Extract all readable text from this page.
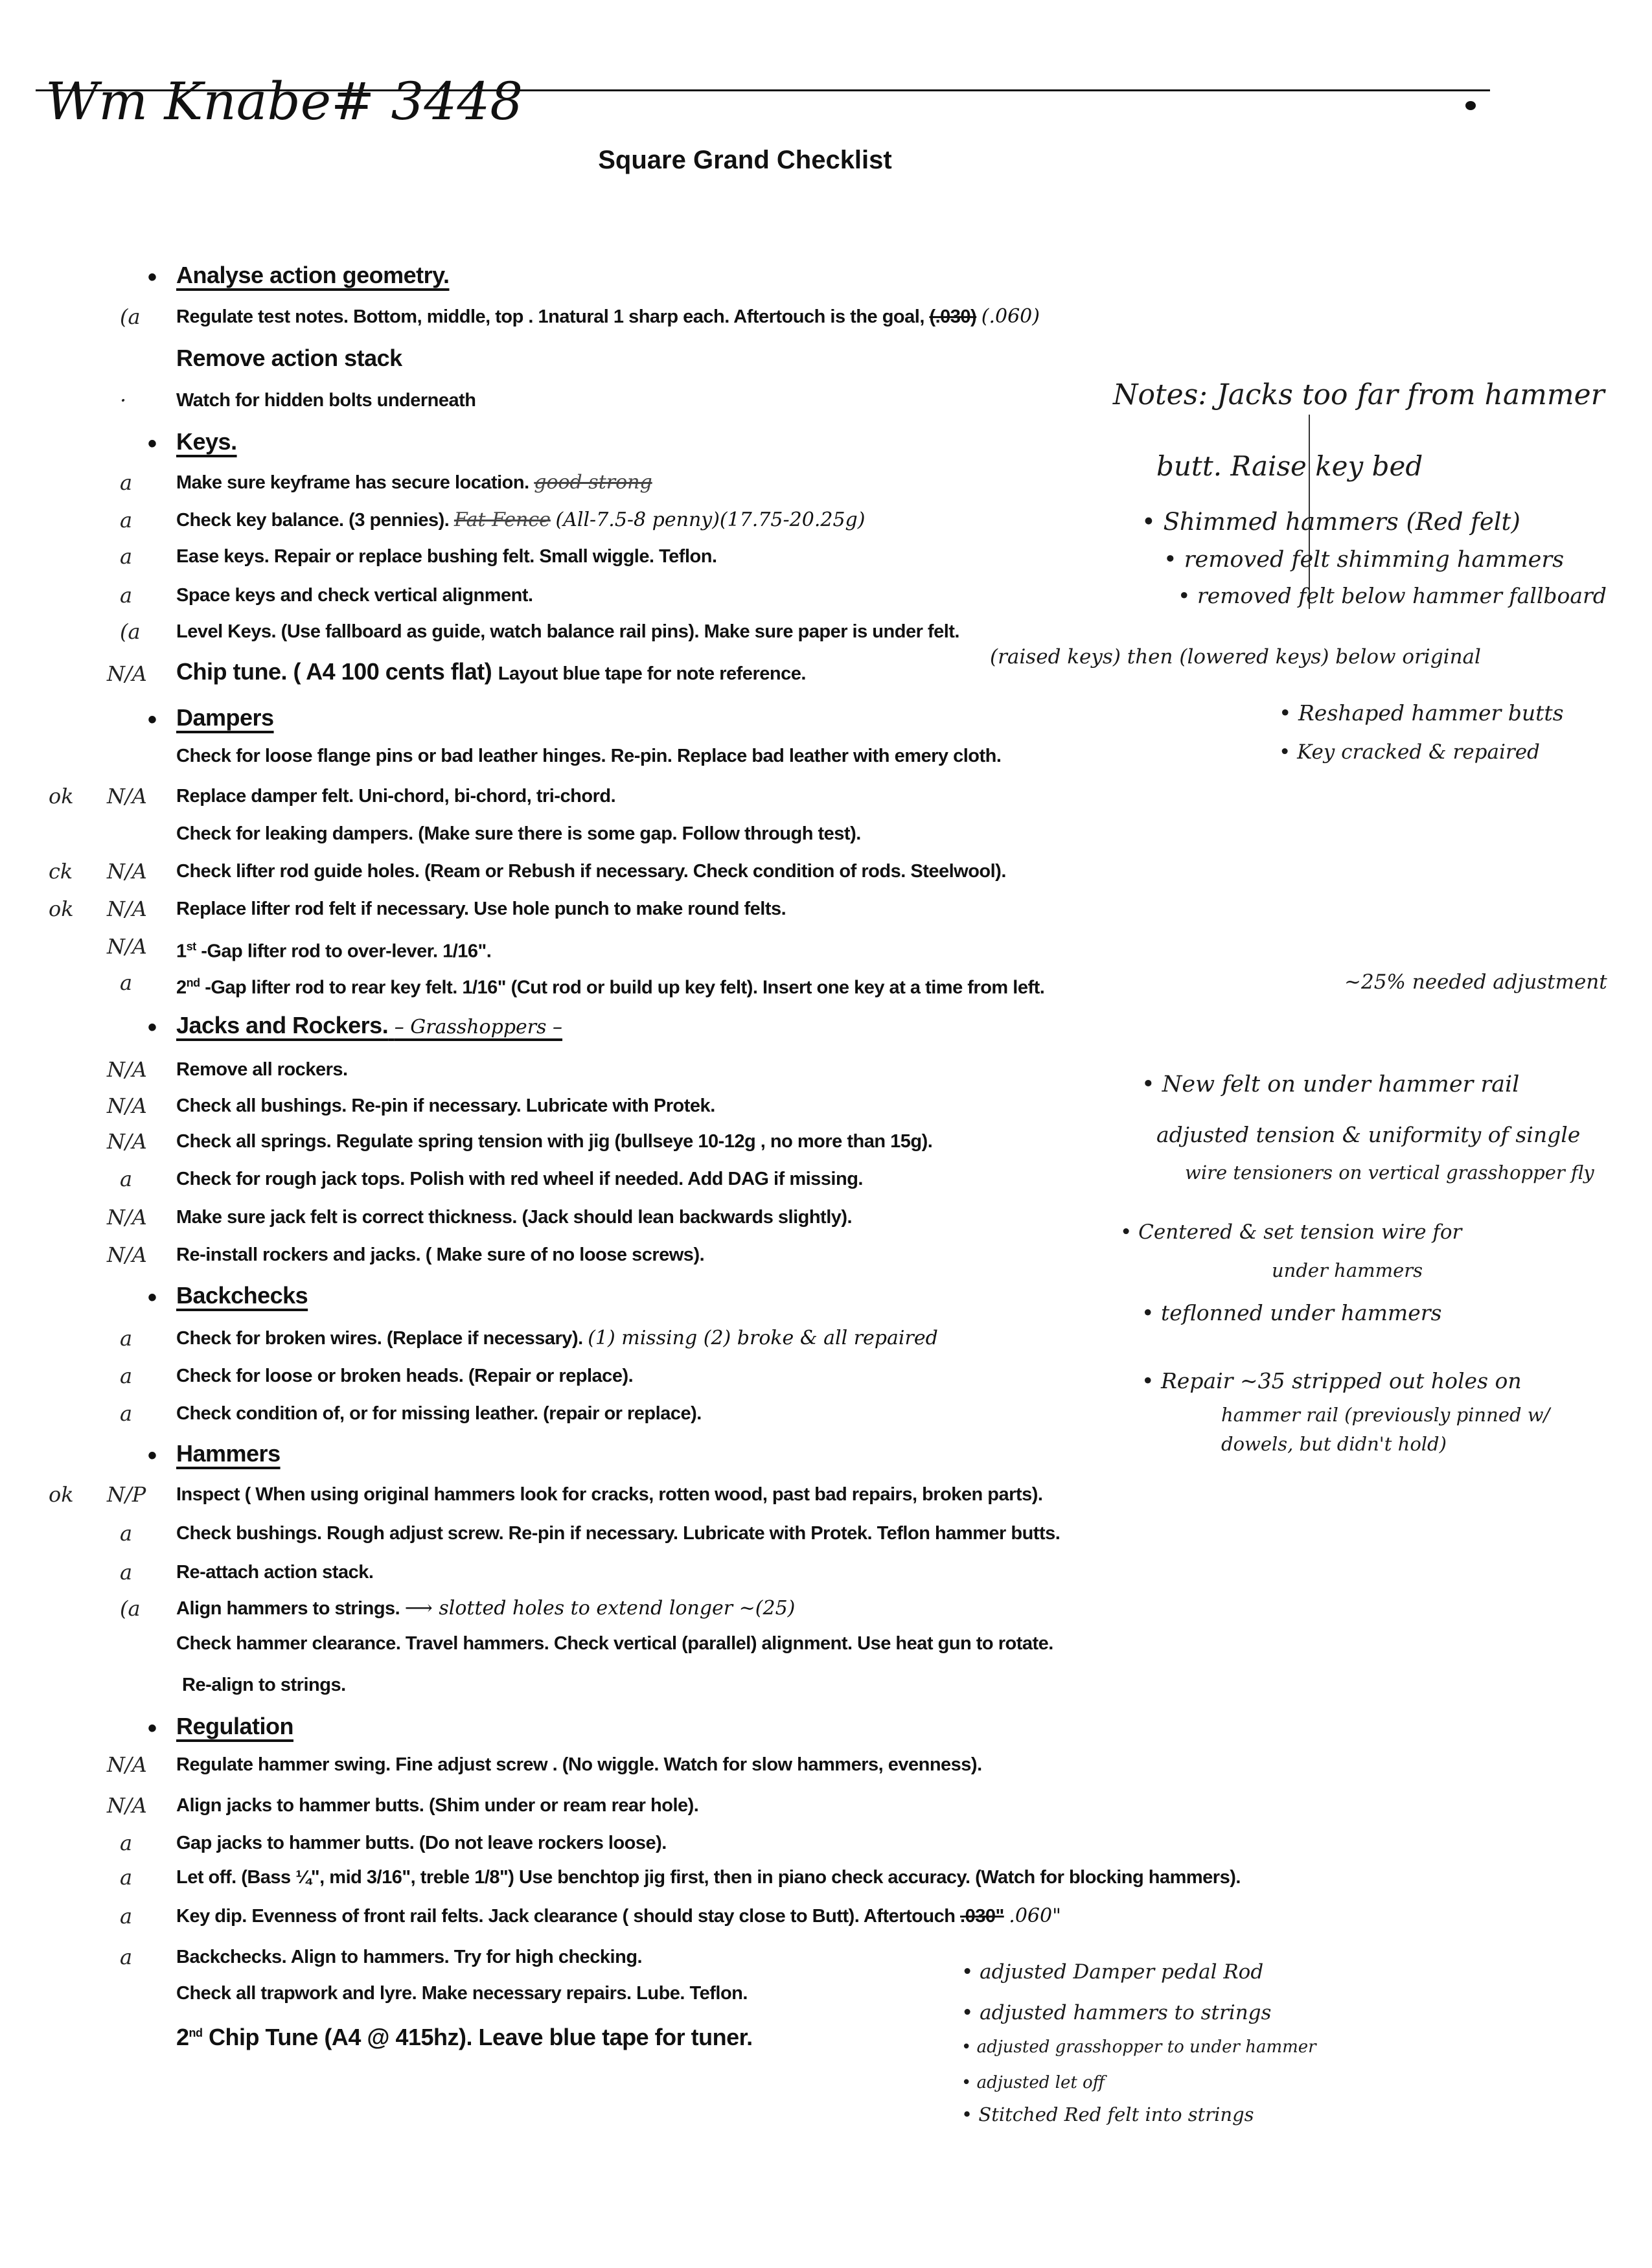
Wm Knabe# 3448
Square Grand Checklist
• Analyse action geometry.
(a Regulate test notes. Bottom, middle, top . 1natural 1 sharp each. Aftertouch is the goal, (.030) (.060)
Remove action stack
·	Watch for hidden bolts underneath
• Keys.
a Make sure keyframe has secure location. good strong
a Check key balance. (3 pennies). Fat Fence (All-7.5-8 penny)(17.75-20.25g)
a Ease keys. Repair or replace bushing felt. Small wiggle. Teflon.
a Space keys and check vertical alignment.
(a Level Keys. (Use fallboard as guide, watch balance rail pins). Make sure paper is under felt.
N/A Chip tune. ( A4 100 cents flat) Layout blue tape for note reference.
• Dampers
Check for loose flange pins or bad leather hinges. Re-pin. Replace bad leather with emery cloth.
ok N/A Replace damper felt. Uni-chord, bi-chord, tri-chord.
Check for leaking dampers. (Make sure there is some gap. Follow through test).
ck N/A Check lifter rod guide holes. (Ream or Rebush if necessary. Check condition of rods. Steelwool).
ok N/A Replace lifter rod felt if necessary. Use hole punch to make round felts.
N/A 1st -Gap lifter rod to over-lever. 1/16".
a 2nd -Gap lifter rod to rear key felt. 1/16" (Cut rod or build up key felt). Insert one key at a time from left.
• Jacks and Rockers. – Grasshoppers –
N/A Remove all rockers.
N/A Check all bushings. Re-pin if necessary. Lubricate with Protek.
N/A Check all springs. Regulate spring tension with jig (bullseye 10-12g , no more than 15g).
a Check for rough jack tops. Polish with red wheel if needed. Add DAG if missing.
N/A Make sure jack felt is correct thickness. (Jack should lean backwards slightly).
N/A Re-install rockers and jacks. ( Make sure of no loose screws).
• Backchecks
a Check for broken wires. (Replace if necessary). (1) missing (2) broke & all repaired
a Check for loose or broken heads. (Repair or replace).
a Check condition of, or for missing leather. (repair or replace).
• Hammers
ok N/P Inspect ( When using original hammers look for cracks, rotten wood, past bad repairs, broken parts).
a Check bushings. Rough adjust screw. Re-pin if necessary. Lubricate with Protek. Teflon hammer butts.
a Re-attach action stack.
(a Align hammers to strings. ⟶ slotted holes to extend longer ~(25)
Check hammer clearance. Travel hammers. Check vertical (parallel) alignment. Use heat gun to rotate.
Re-align to strings.
• Regulation
N/A Regulate hammer swing. Fine adjust screw . (No wiggle. Watch for slow hammers, evenness).
N/A Align jacks to hammer butts. (Shim under or ream rear hole).
a Gap jacks to hammer butts. (Do not leave rockers loose).
a Let off. (Bass ¼", mid 3/16", treble 1/8") Use benchtop jig first, then in piano check accuracy. (Watch for blocking hammers).
a Key dip. Evenness of front rail felts. Jack clearance ( should stay close to Butt). Aftertouch .030" .060"
a Backchecks. Align to hammers. Try for high checking.
Check all trapwork and lyre. Make necessary repairs. Lube. Teflon.
2nd Chip Tune (A4 @ 415hz). Leave blue tape for tuner.
Notes: Jacks too far from hammer
butt. Raise key bed
• Shimmed hammers (Red felt)
• removed felt shimming hammers
• removed felt below hammer fallboard
(raised keys) then (lowered keys) below original
• Reshaped hammer butts
• Key cracked & repaired
~25% needed adjustment
• New felt on under hammer rail
adjusted tension & uniformity of single
wire tensioners on vertical grasshopper fly
• Centered & set tension wire for
under hammers
• teflonned under hammers
• Repair ~35 stripped out holes on
hammer rail (previously pinned w/
dowels, but didn't hold)
• adjusted Damper pedal Rod
• adjusted hammers to strings
• adjusted grasshopper to under hammer
• adjusted let off
• Stitched Red felt into strings
